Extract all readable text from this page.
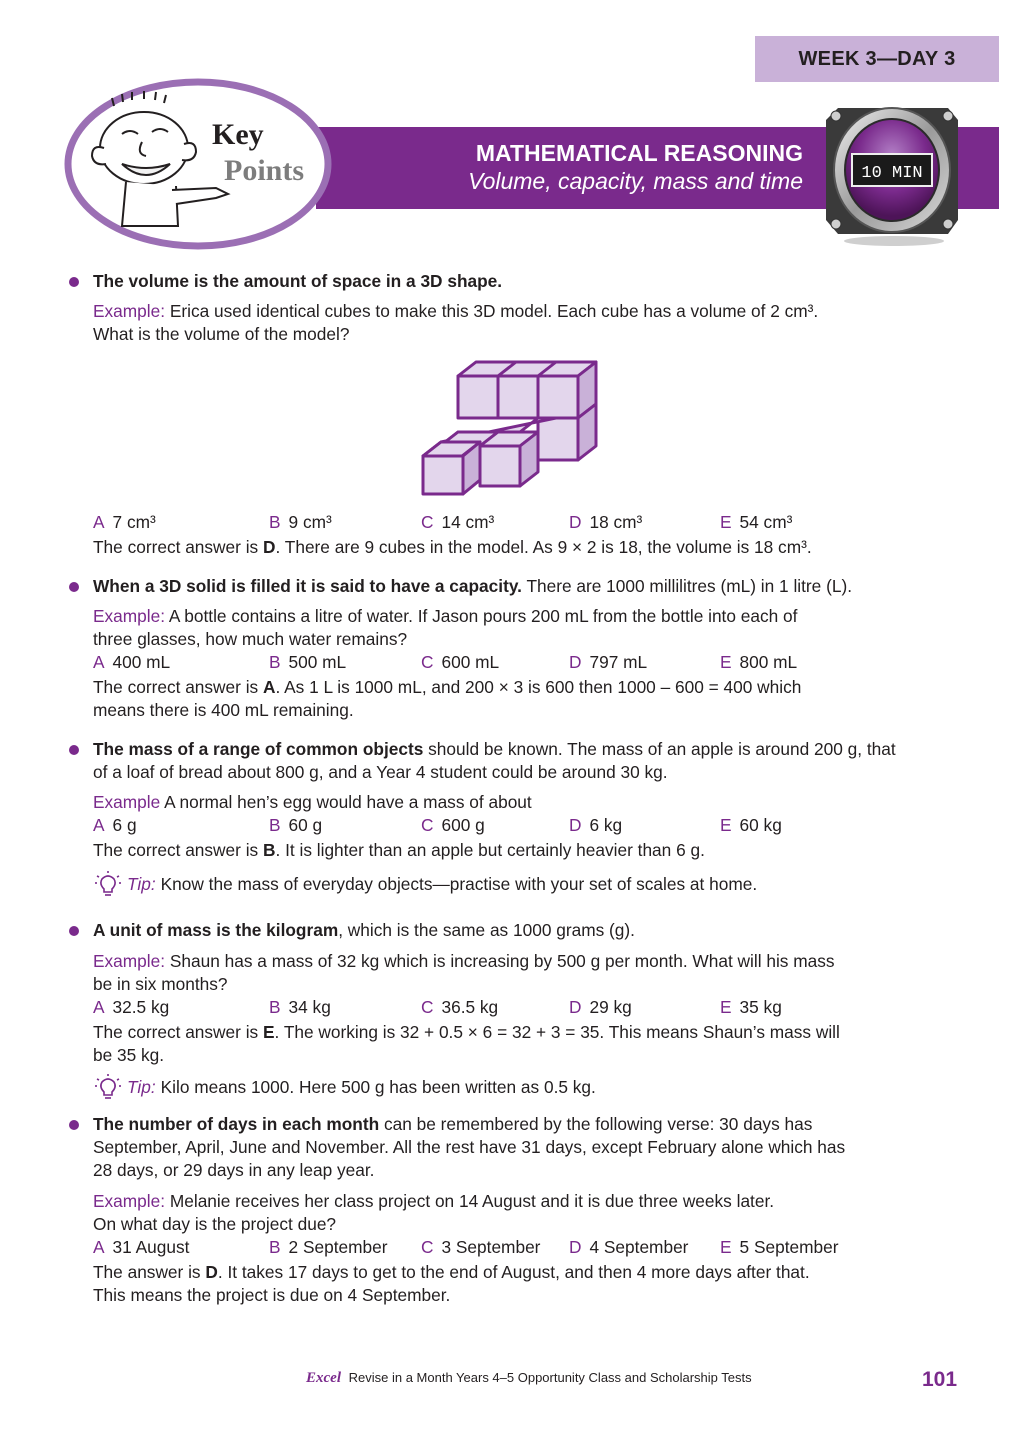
WEEK 3—DAY 3
MATHEMATICAL REASONING
Volume, capacity, mass and time
Key
Points	10 MIN
The volume is the amount of space in a 3D shape.
Example: Erica used identical cubes to make this 3D model. Each cube has a volume of 2 cm³.
What is the volume of the model?
A 7 cm³	B 9 cm³	C 14 cm³	D 18 cm³	E 54 cm³
The correct answer is D. There are 9 cubes in the model. As 9 × 2 is 18, the volume is 18 cm³.
When a 3D solid is filled it is said to have a capacity. There are 1000 millilitres (mL) in 1 litre (L).
Example: A bottle contains a litre of water. If Jason pours 200 mL from the bottle into each of
three glasses, how much water remains?
A 400 mL	B 500 mL	C 600 mL	D 797 mL	E 800 mL
The correct answer is A. As 1 L is 1000 mL, and 200 × 3 is 600 then 1000 – 600 = 400 which
means there is 400 mL remaining.
The mass of a range of common objects should be known. The mass of an apple is around 200 g, that
of a loaf of bread about 800 g, and a Year 4 student could be around 30 kg.
Example A normal hen’s egg would have a mass of about
A 6 g	B 60 g	C 600 g	D 6 kg	E 60 kg
The correct answer is B. It is lighter than an apple but certainly heavier than 6 g.
Tip: Know the mass of everyday objects—practise with your set of scales at home.
A unit of mass is the kilogram, which is the same as 1000 grams (g).
Example: Shaun has a mass of 32 kg which is increasing by 500 g per month. What will his mass
be in six months?
A 32.5 kg	B 34 kg	C 36.5 kg	D 29 kg	E 35 kg
The correct answer is E. The working is 32 + 0.5 × 6 = 32 + 3 = 35. This means Shaun’s mass will
be 35 kg.
Tip: Kilo means 1000. Here 500 g has been written as 0.5 kg.
The number of days in each month can be remembered by the following verse: 30 days has
September, April, June and November. All the rest have 31 days, except February alone which has
28 days, or 29 days in any leap year.
Example: Melanie receives her class project on 14 August and it is due three weeks later.
On what day is the project due?
A 31 August	B 2 September C 3 September D 4 September E 5 September
The answer is D. It takes 17 days to get to the end of August, and then 4 more days after that.
This means the project is due on 4 September.
Excel Revise in a Month Years 4–5 Opportunity Class and Scholarship Tests	101
